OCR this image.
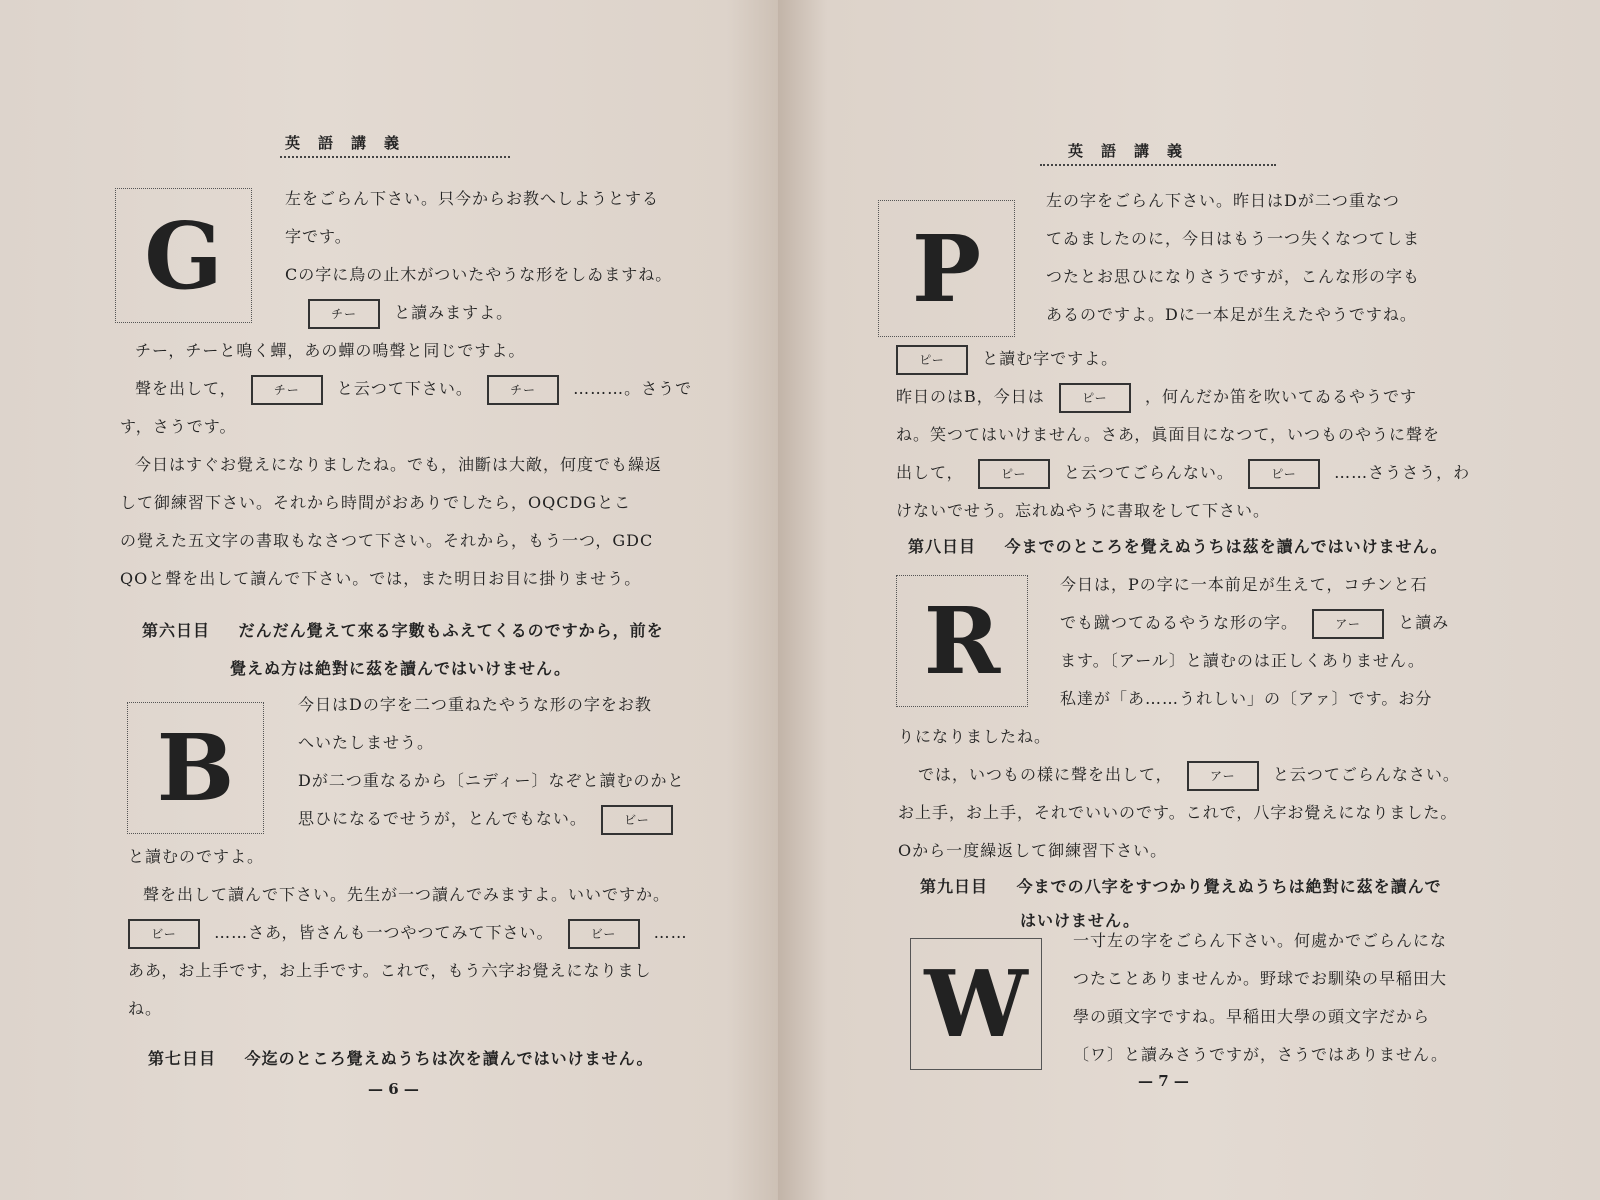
英語講義
G
左をごらん下さい。只今からお教へしようとする
字です。
Cの字に鳥の止木がついたやうな形をしゐますね。
チー と讀みますよ。
チー，チーと鳴く蟬，あの蟬の鳴聲と同じですよ。
聲を出して，	チー と云つて下さい。	チー ………。さうで
す，さうです。
今日はすぐお覺えになりましたね。でも，油斷は大敵，何度でも繰返
して御練習下さい。それから時間がおありでしたら，OQCDGとこ
の覺えた五文字の書取もなさつて下さい。それから，もう一つ，GDC
QOと聲を出して讀んで下さい。では，また明日お目に掛りませう。
第六日目 だんだん覺えて來る字數もふえてくるのですから，前を
覺えぬ方は絶對に茲を讀んではいけません。
B
今日はDの字を二つ重ねたやうな形の字をお教
へいたしませう。
Dが二つ重なるから〔ニディー〕なぞと讀むのかと
思ひになるでせうが，とんでもない。	ビー
と讀むのですよ。
聲を出して讀んで下さい。先生が一つ讀んでみますよ。いいですか。
ビー ……さあ，皆さんも一つやつてみて下さい。	ビー ……
ああ，お上手です，お上手です。これで，もう六字お覺えになりまし
ね。
第七日目 今迄のところ覺えぬうちは次を讀んではいけません。
— 6 —
英語講義
P
左の字をごらん下さい。昨日はDが二つ重なつ
てゐましたのに，今日はもう一つ失くなつてしま
つたとお思ひになりさうですが，こんな形の字も
あるのですよ。Dに一本足が生えたやうですね。
ピー と讀む字ですよ。
昨日のはB，今日は	ピー ，何んだか笛を吹いてゐるやうです
ね。笑つてはいけません。さあ，眞面目になつて，いつものやうに聲を
出して，	ピー と云つてごらんない。	ピー ……さうさう，わ
けないでせう。忘れぬやうに書取をして下さい。
第八日目 今までのところを覺えぬうちは茲を讀んではいけません。
R
今日は，Pの字に一本前足が生えて，コチンと石
でも蹴つてゐるやうな形の字。	アー と讀み
ます。〔アール〕と讀むのは正しくありません。
私達が「あ……うれしい」の〔アァ〕です。お分
りになりましたね。
では，いつもの樣に聲を出して，	アー と云つてごらんなさい。
お上手，お上手，それでいいのです。これで，八字お覺えになりました。
Oから一度繰返して御練習下さい。
第九日目 今までの八字をすつかり覺えぬうちは絶對に茲を讀んで
はいけません。
W
一寸左の字をごらん下さい。何處かでごらんにな
つたことありませんか。野球でお馴染の早稲田大
學の頭文字ですね。早稲田大學の頭文字だから
〔ワ〕と讀みさうですが，さうではありません。
— 7 —
